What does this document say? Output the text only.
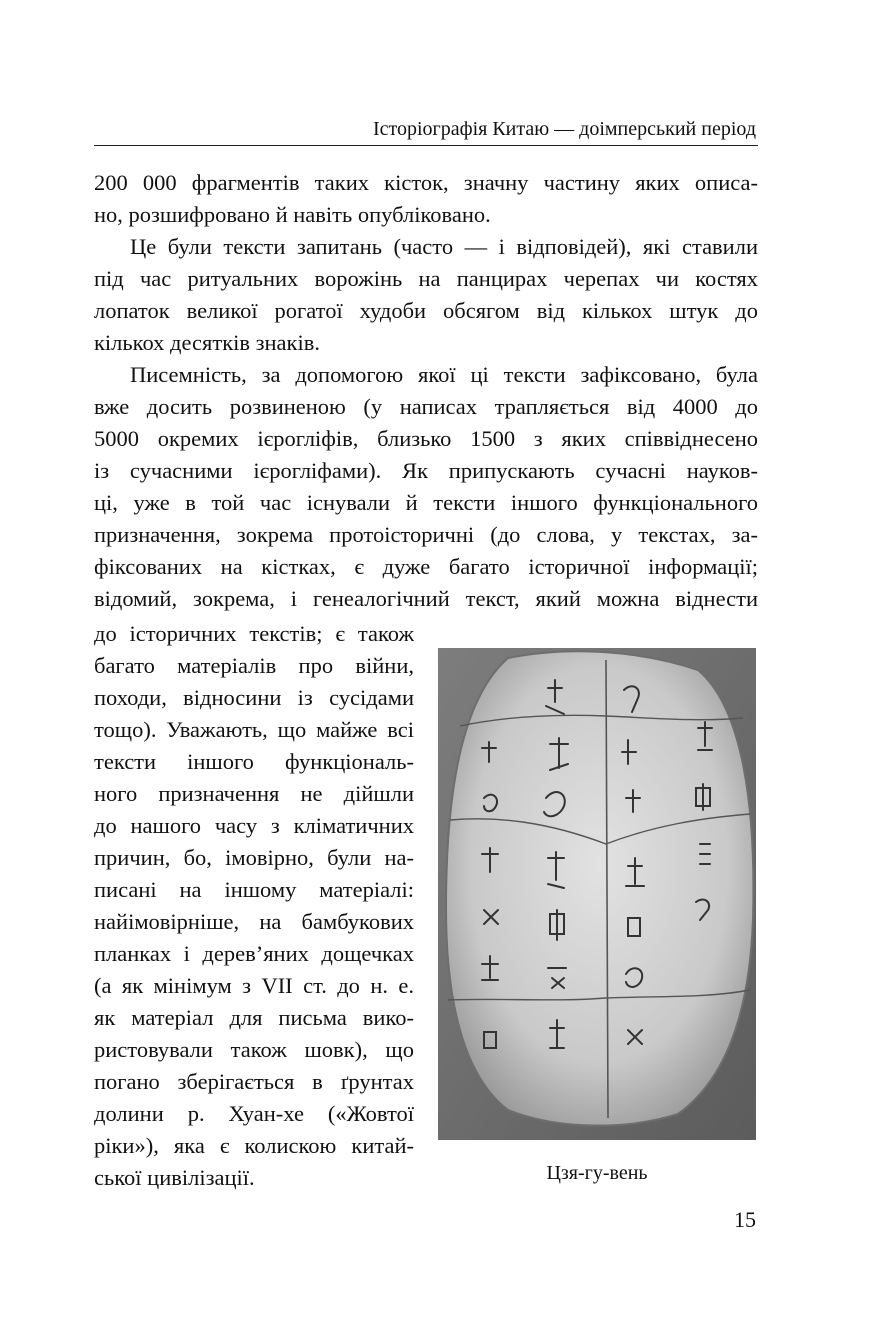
Історіографія Китаю — доімперський період
200 000 фрагментів таких кісток, значну частину яких описа-
но, розшифровано й навіть опубліковано.
Це були тексти запитань (часто — і відповідей), які ставили
під час ритуальних ворожінь на панцирах черепах чи костях
лопаток великої рогатої худоби обсягом від кількох штук до
кількох десятків знаків.
Писемність, за допомогою якої ці тексти зафіксовано, була
вже досить розвиненою (у написах трапляється від 4000 до
5000 окремих ієрогліфів, близько 1500 з яких співвіднесено
із сучасними ієрогліфами). Як припускають сучасні науков-
ці, уже в той час існували й тексти іншого функціонального
призначення, зокрема протоісторичні (до слова, у текстах, за-
фіксованих на кістках, є дуже багато історичної інформації;
відомий, зокрема, і генеалогічний текст, який можна віднести
до історичних текстів; є також
багато матеріалів про війни,
походи, відносини із сусідами
тощо). Уважають, що майже всі
тексти іншого функціональ-
ного призначення не дійшли
до нашого часу з кліматичних
причин, бо, імовірно, були на-
писані на іншому матеріалі:
найімовірніше, на бамбукових
планках і дерев’яних дощечках
(а як мінімум з VII ст. до н. е.
як матеріал для письма вико-
ристовували також шовк), що
погано зберігається в ґрунтах
долини р. Хуан-хе («Жовтої
ріки»), яка є колискою китай-
ської цивілізації.	Цзя-гу-вень
15
